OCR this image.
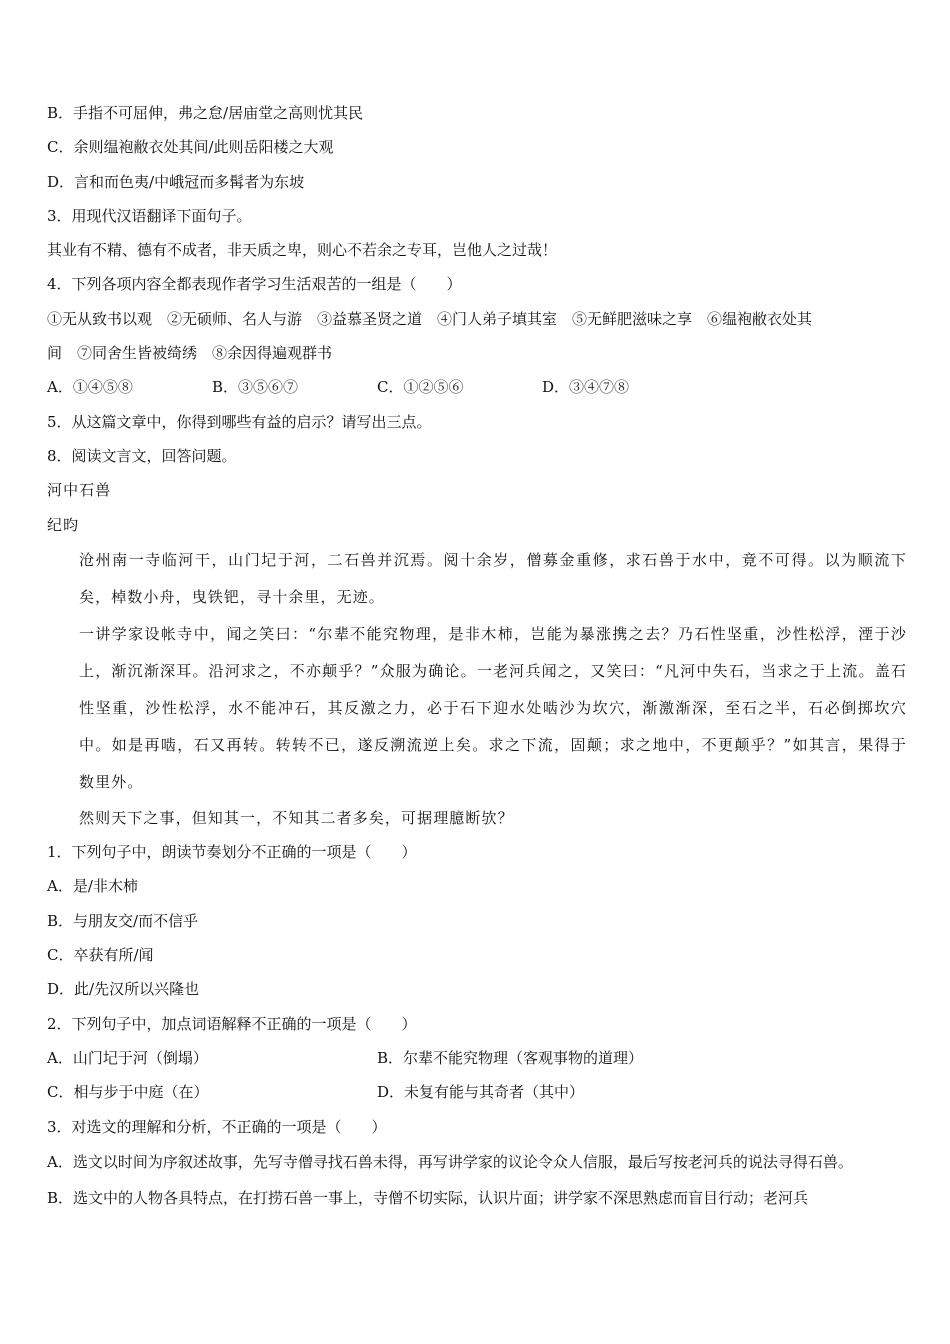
B．手指不可屈伸，弗之怠/居庙堂之高则忧其民
C．余则缊袍敝衣处其间/此则岳阳楼之大观
D．言和而色夷/中峨冠而多髯者为东坡
3．用现代汉语翻译下面句子。
其业有不精、德有不成者，非天质之卑，则心不若余之专耳，岂他人之过哉！
4．下列各项内容全都表现作者学习生活艰苦的一组是（　　）
①无从致书以观　②无硕师、名人与游　③益慕圣贤之道　④门人弟子填其室　⑤无鲜肥滋味之享　⑥缊袍敝衣处其
间　⑦同舍生皆被绮绣　⑧余因得遍观群书
A．①④⑤⑧	B．③⑤⑥⑦	C．①②⑤⑥	D．③④⑦⑧
5．从这篇文章中，你得到哪些有益的启示？请写出三点。
8．阅读文言文，回答问题。
河中石兽
纪昀
沧州南一寺临河干，山门圮于河，二石兽并沉焉。阅十余岁，僧募金重修，求石兽于水中，竟不可得。以为顺流下矣，棹数小舟，曳铁钯，寻十余里，无迹。
一讲学家设帐寺中，闻之笑曰：“尔辈不能究物理，是非木柿，岂能为暴涨携之去？乃石性坚重，沙性松浮，湮于沙上，渐沉渐深耳。沿河求之，不亦颠乎？”众服为确论。一老河兵闻之，又笑曰：“凡河中失石，当求之于上流。盖石性坚重，沙性松浮，水不能冲石，其反激之力，必于石下迎水处啮沙为坎穴，渐激渐深，至石之半，石必倒掷坎穴中。如是再啮，石又再转。转转不已，遂反溯流逆上矣。求之下流，固颠；求之地中，不更颠乎？”如其言，果得于数里外。
然则天下之事，但知其一，不知其二者多矣，可据理臆断欤？
1．下列句子中，朗读节奏划分不正确的一项是（　　）
A．是/非木柿
B．与朋友交/而不信乎
C．卒获有所/闻
D．此/先汉所以兴隆也
2．下列句子中，加点词语解释不正确的一项是（　　）
A．山门圮于河（倒塌）	B．尔辈不能究物理（客观事物的道理）
C．相与步于中庭（在）	D．未复有能与其奇者（其中）
3．对选文的理解和分析，不正确的一项是（　　）
A．选文以时间为序叙述故事，先写寺僧寻找石兽未得，再写讲学家的议论令众人信服，最后写按老河兵的说法寻得石兽。
B．选文中的人物各具特点，在打捞石兽一事上，寺僧不切实际，认识片面；讲学家不深思熟虑而盲目行动；老河兵
